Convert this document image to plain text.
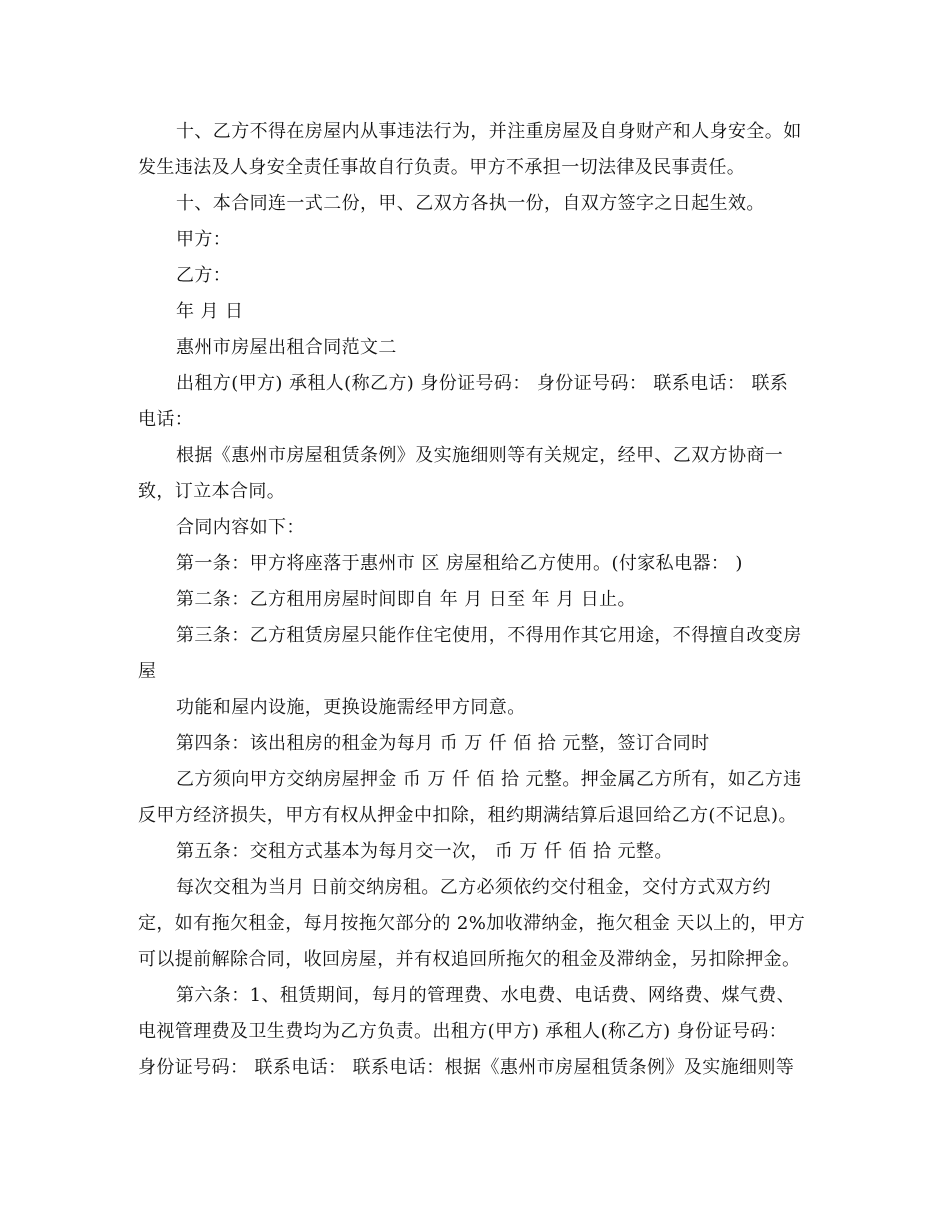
十、乙方不得在房屋内从事违法行为，并注重房屋及自身财产和人身安全。如

发生违法及人身安全责任事故自行负责。甲方不承担一切法律及民事责任。

十、本合同连一式二份，甲、乙双方各执一份，自双方签字之日起生效。

甲方：

乙方：

年 月 日

惠州市房屋出租合同范文二

出租方(甲方) 承租人(称乙方) 身份证号码： 身份证号码： 联系电话： 联系

电话：

根据《惠州市房屋租赁条例》及实施细则等有关规定，经甲、乙双方协商一

致，订立本合同。

合同内容如下：

第一条：甲方将座落于惠州市 区 房屋租给乙方使用。(付家私电器： )

第二条：乙方租用房屋时间即自 年 月 日至 年 月 日止。

第三条：乙方租赁房屋只能作住宅使用，不得用作其它用途，不得擅自改变房

屋

功能和屋内设施，更换设施需经甲方同意。

第四条：该出租房的租金为每月 币 万 仟 佰 拾 元整，签订合同时

乙方须向甲方交纳房屋押金 币 万 仟 佰 拾 元整。押金属乙方所有，如乙方违

反甲方经济损失，甲方有权从押金中扣除，租约期满结算后退回给乙方(不记息)。

第五条：交租方式基本为每月交一次， 币 万 仟 佰 拾 元整。

每次交租为当月 日前交纳房租。乙方必须依约交付租金，交付方式双方约

定，如有拖欠租金，每月按拖欠部分的 2%加收滞纳金，拖欠租金 天以上的，甲方

可以提前解除合同，收回房屋，并有权追回所拖欠的租金及滞纳金，另扣除押金。

第六条：1、租赁期间，每月的管理费、水电费、电话费、网络费、煤气费、

电视管理费及卫生费均为乙方负责。出租方(甲方) 承租人(称乙方) 身份证号码：

身份证号码： 联系电话： 联系电话：根据《惠州市房屋租赁条例》及实施细则等
